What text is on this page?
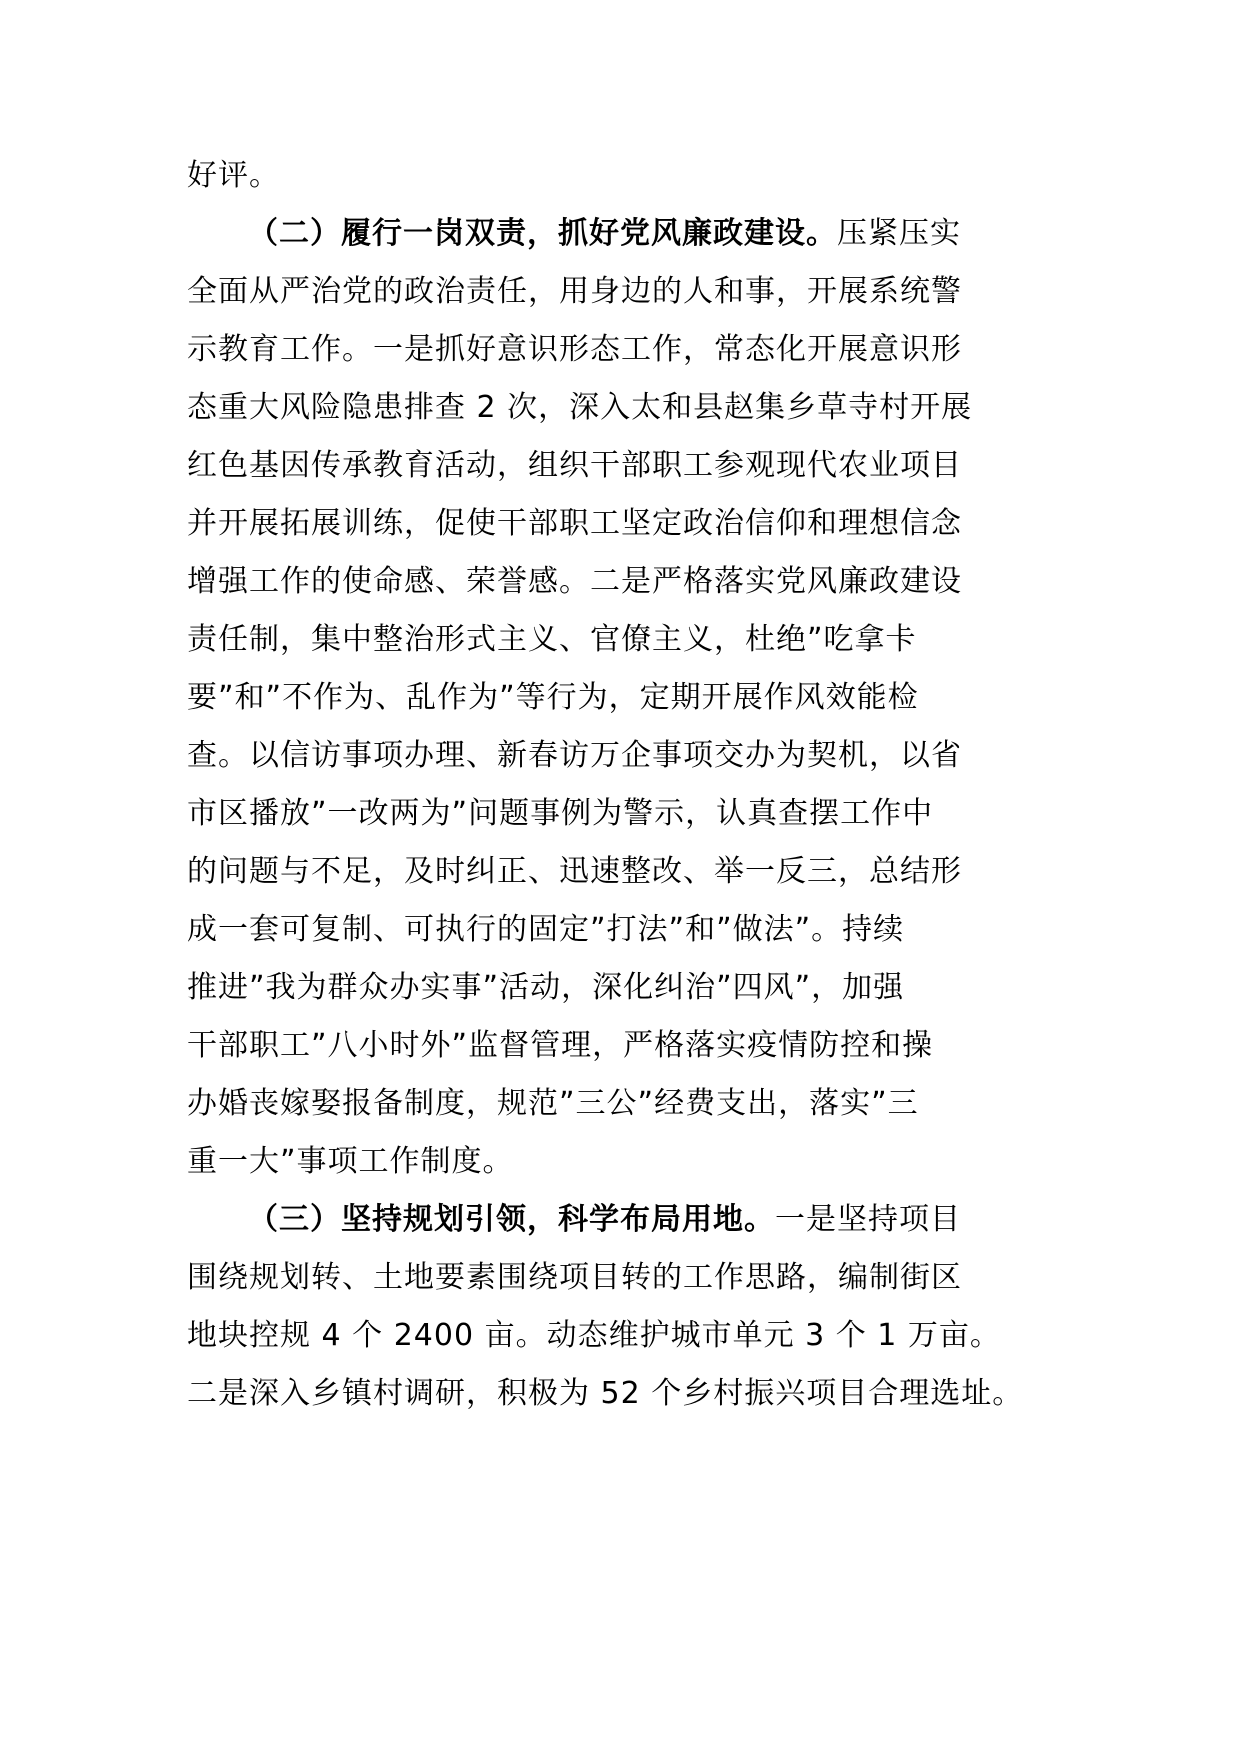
好评。
（二）履行一岗双责，抓好党风廉政建设。压紧压实
全面从严治党的政治责任，用身边的人和事，开展系统警
示教育工作。一是抓好意识形态工作，常态化开展意识形
态重大风险隐患排查 2 次，深入太和县赵集乡草寺村开展
红色基因传承教育活动，组织干部职工参观现代农业项目
并开展拓展训练，促使干部职工坚定政治信仰和理想信念
增强工作的使命感、荣誉感。二是严格落实党风廉政建设
责任制，集中整治形式主义、官僚主义，杜绝”吃拿卡
要”和”不作为、乱作为”等行为，定期开展作风效能检
查。以信访事项办理、新春访万企事项交办为契机，以省
市区播放”一改两为”问题事例为警示，认真查摆工作中
的问题与不足，及时纠正、迅速整改、举一反三，总结形
成一套可复制、可执行的固定”打法”和”做法”。持续
推进”我为群众办实事”活动，深化纠治”四风”，加强
干部职工”八小时外”监督管理，严格落实疫情防控和操
办婚丧嫁娶报备制度，规范”三公”经费支出，落实”三
重一大”事项工作制度。
（三）坚持规划引领，科学布局用地。一是坚持项目
围绕规划转、土地要素围绕项目转的工作思路，编制街区
地块控规 4 个 2400 亩。动态维护城市单元 3 个 1 万亩。
二是深入乡镇村调研，积极为 52 个乡村振兴项目合理选址。
